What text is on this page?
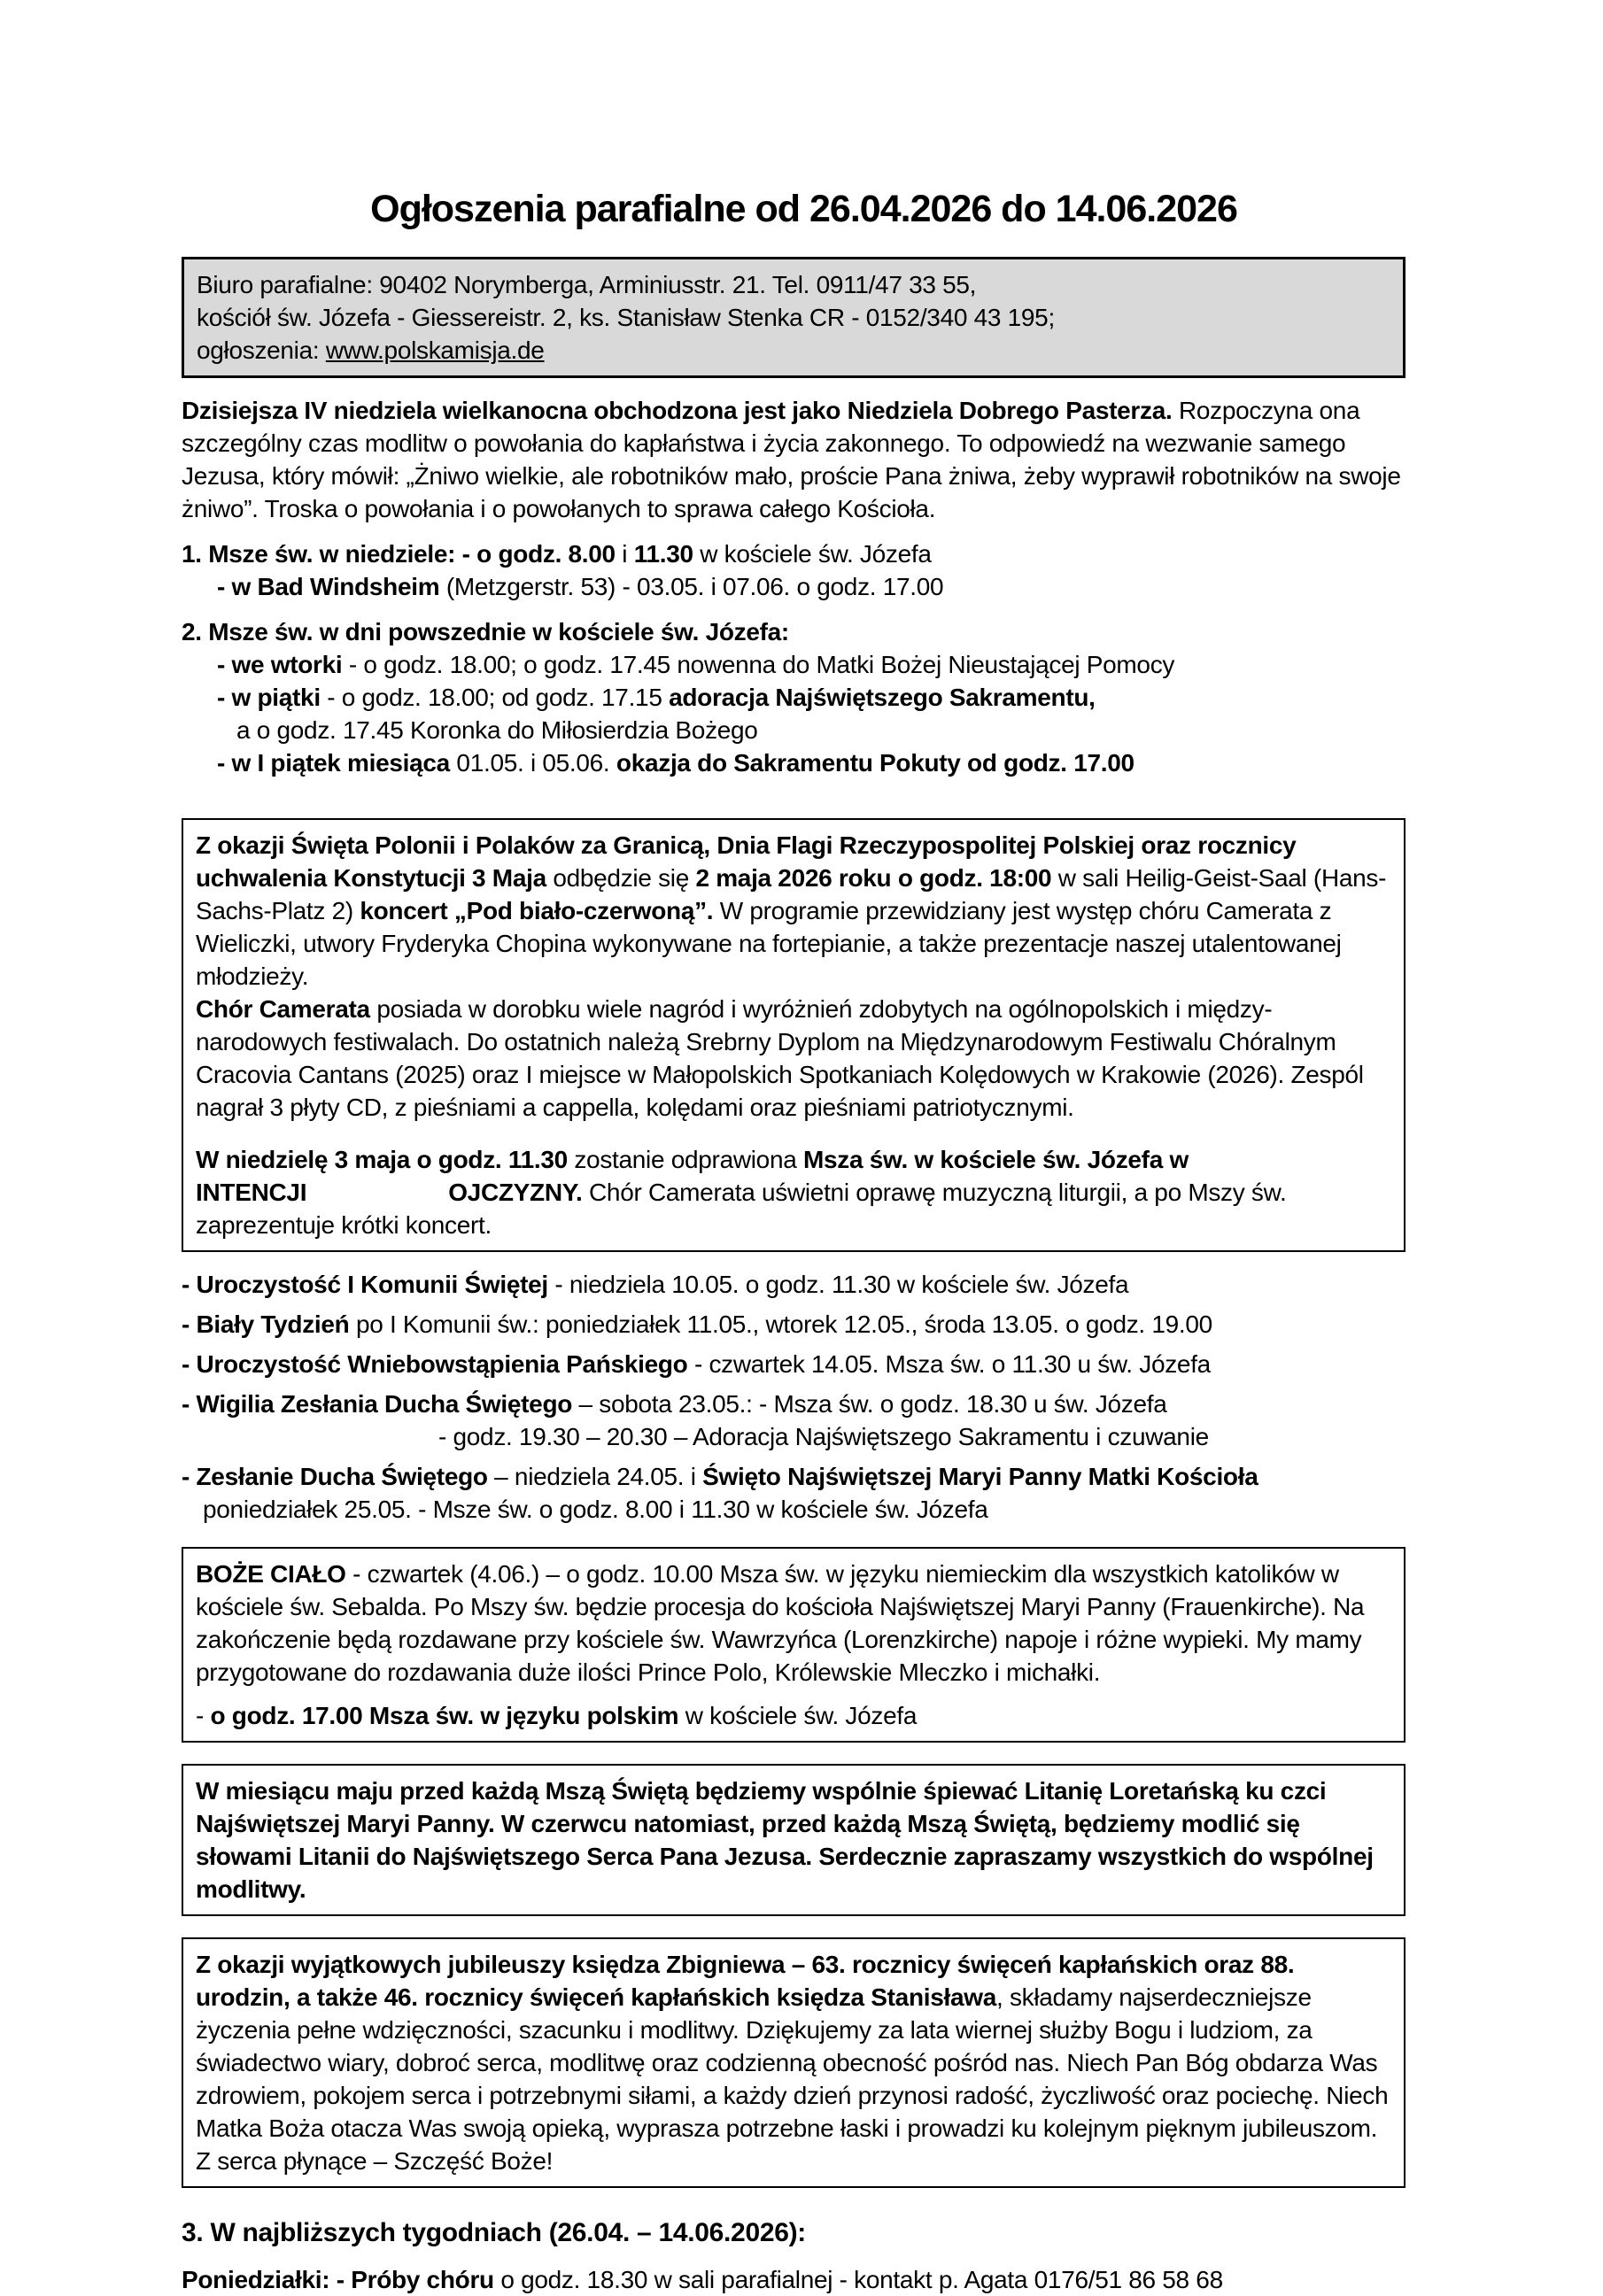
Ogłoszenia parafialne od 26.04.2026 do 14.06.2026
Biuro parafialne: 90402 Norymberga, Arminiusstr. 21. Tel. 0911/47 33 55,
kościół św. Józefa - Giessereistr. 2, ks. Stanisław Stenka CR - 0152/340 43 195;
ogłoszenia: www.polskamisja.de

Dzisiejsza IV niedziela wielkanocna obchodzona jest jako Niedziela Dobrego Pasterza. Rozpoczyna ona szczególny czas modlitw o powołania do kapłaństwa i życia zakonnego. To odpowiedź na wezwanie samego Jezusa, który mówił: „Żniwo wielkie, ale robotników mało, proście Pana żniwa, żeby wyprawił robotników na swoje żniwo”. Troska o powołania i o powołanych to sprawa całego Kościoła.

1. Msze św. w niedziele: - o godz. 8.00 i 11.30 w kościele św. Józefa
- w Bad Windsheim (Metzgerstr. 53) - 03.05. i 07.06. o godz. 17.00
2. Msze św. w dni powszednie w kościele św. Józefa:
- we wtorki - o godz. 18.00; o godz. 17.45 nowenna do Matki Bożej Nieustającej Pomocy
- w piątki - o godz. 18.00; od godz. 17.15 adoracja Najświętszego Sakramentu,
a o godz. 17.45 Koronka do Miłosierdzia Bożego
- w I piątek miesiąca 01.05. i 05.06. okazja do Sakramentu Pokuty od godz. 17.00

Z okazji Święta Polonii i Polaków za Granicą, Dnia Flagi Rzeczypospolitej Polskiej oraz rocznicy uchwalenia Konstytucji 3 Maja odbędzie się 2 maja 2026 roku o godz. 18:00 w sali Heilig-Geist-Saal (Hans-Sachs-Platz 2) koncert „Pod biało-czerwoną”. W programie przewidziany jest występ chóru Camerata z Wieliczki, utwory Fryderyka Chopina wykonywane na fortepianie, a także prezentacje naszej utalentowanej młodzieży.

Chór Camerata posiada w dorobku wiele nagród i wyróżnień zdobytych na ogólnopolskich i między-narodowych festiwalach. Do ostatnich należą Srebrny Dyplom na Międzynarodowym Festiwalu Chóralnym Cracovia Cantans (2025) oraz I miejsce w Małopolskich Spotkaniach Kolędowych w Krakowie (2026). Zespól nagrał 3 płyty CD, z pieśniami a cappella, kolędami oraz pieśniami patriotycznymi.

W niedzielę 3 maja o godz. 11.30 zostanie odprawiona Msza św. w kościele św. Józefa w
INTENCJI	OJCZYZNY. Chór Camerata uświetni oprawę muzyczną liturgii, a po Mszy św.
zaprezentuje krótki koncert.

- Uroczystość I Komunii Świętej - niedziela 10.05. o godz. 11.30 w kościele św. Józefa
- Biały Tydzień po I Komunii św.: poniedziałek 11.05., wtorek 12.05., środa 13.05. o godz. 19.00
- Uroczystość Wniebowstąpienia Pańskiego - czwartek 14.05. Msza św. o 11.30 u św. Józefa
- Wigilia Zesłania Ducha Świętego – sobota 23.05.: - Msza św. o godz. 18.30 u św. Józefa
- godz. 19.30 – 20.30 – Adoracja Najświętszego Sakramentu i czuwanie
- Zesłanie Ducha Świętego – niedziela 24.05. i Święto Najświętszej Maryi Panny Matki Kościoła
poniedziałek 25.05. - Msze św. o godz. 8.00 i 11.30 w kościele św. Józefa

BOŻE CIAŁO - czwartek (4.06.) – o godz. 10.00 Msza św. w języku niemieckim dla wszystkich katolików w kościele św. Sebalda. Po Mszy św. będzie procesja do kościoła Najświętszej Maryi Panny (Frauenkirche). Na zakończenie będą rozdawane przy kościele św. Wawrzyńca (Lorenzkirche) napoje i różne wypieki. My mamy przygotowane do rozdawania duże ilości Prince Polo, Królewskie Mleczko i michałki.

- o godz. 17.00 Msza św. w języku polskim w kościele św. Józefa

W miesiącu maju przed każdą Mszą Świętą będziemy wspólnie śpiewać Litanię Loretańską ku czci Najświętszej Maryi Panny. W czerwcu natomiast, przed każdą Mszą Świętą, będziemy modlić się słowami Litanii do Najświętszego Serca Pana Jezusa. Serdecznie zapraszamy wszystkich do wspólnej modlitwy.

Z okazji wyjątkowych jubileuszy księdza Zbigniewa – 63. rocznicy święceń kapłańskich oraz 88. urodzin, a także 46. rocznicy święceń kapłańskich księdza Stanisława, składamy najserdeczniejsze życzenia pełne wdzięczności, szacunku i modlitwy. Dziękujemy za lata wiernej służby Bogu i ludziom, za świadectwo wiary, dobroć serca, modlitwę oraz codzienną obecność pośród nas. Niech Pan Bóg obdarza Was zdrowiem, pokojem serca i potrzebnymi siłami, a każdy dzień przynosi radość, życzliwość oraz pociechę. Niech Matka Boża otacza Was swoją opieką, wyprasza potrzebne łaski i prowadzi ku kolejnym pięknym jubileuszom. Z serca płynące – Szczęść Boże!

3. W najbliższych tygodniach (26.04. – 14.06.2026):

Poniedziałki: - Próby chóru o godz. 18.30 w sali parafialnej - kontakt p. Agata 0176/51 86 58 68
